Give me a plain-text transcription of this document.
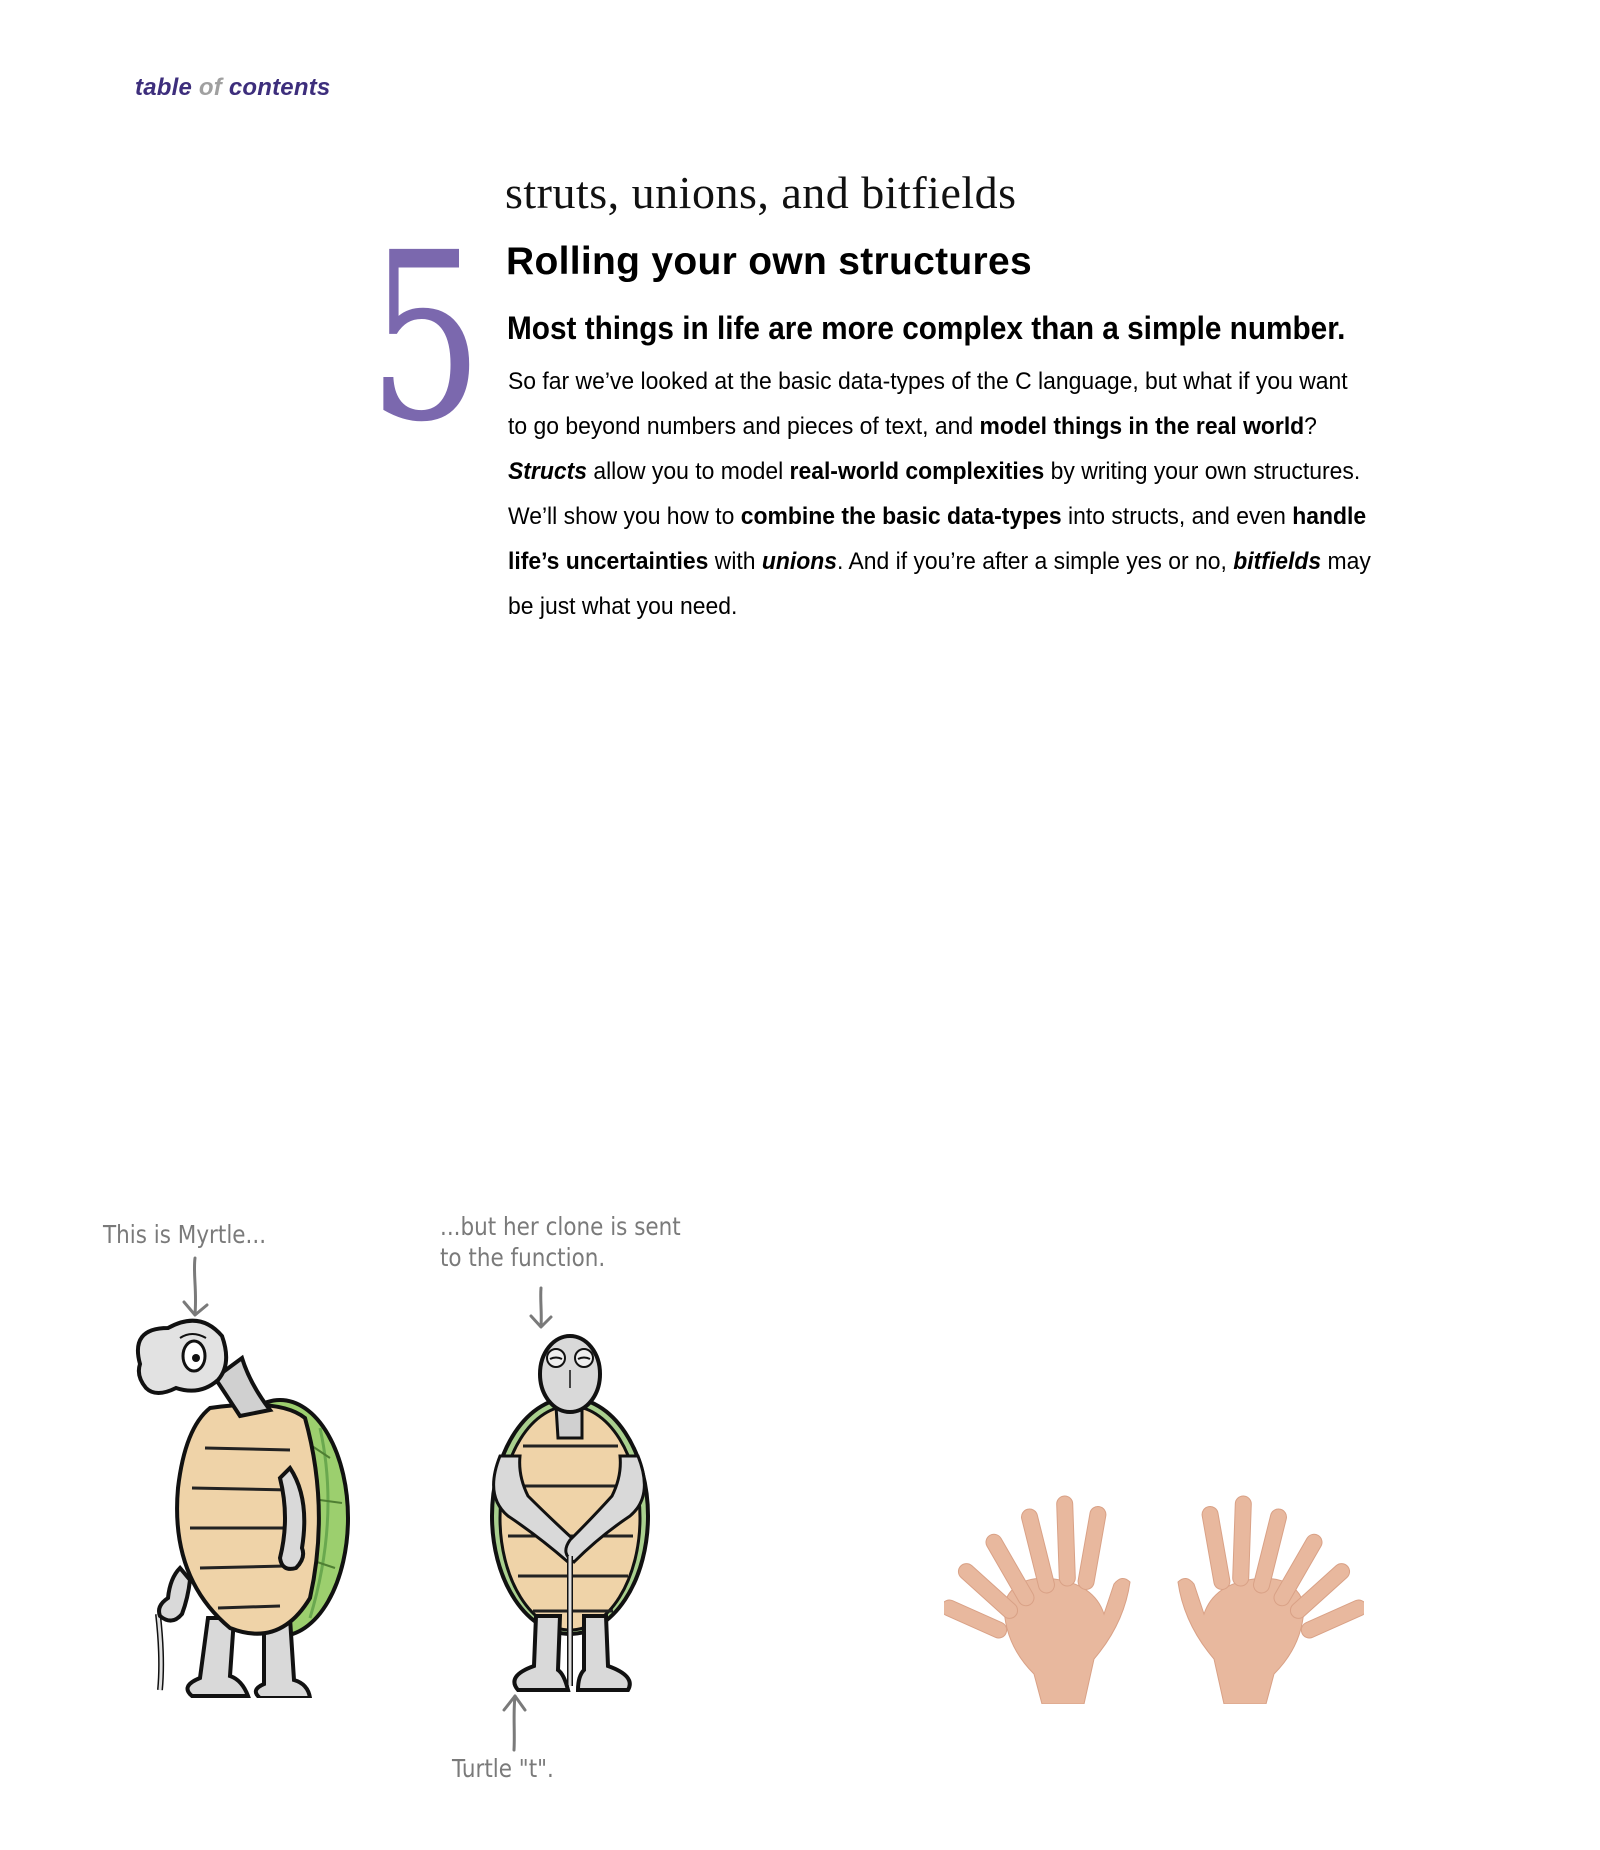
table of contents
5
struts, unions, and bitfields
Rolling your own structures
Most things in life are more complex than a simple number.
So far we’ve looked at the basic data-types of the C language, but what if you want
to go beyond numbers and pieces of text, and model things in the real world?
Structs allow you to model real-world complexities by writing your own structures.
We’ll show you how to combine the basic data-types into structs, and even handle
life’s uncertainties with unions. And if you’re after a simple yes or no, bitfields may
be just what you need.
This is Myrtle...	...but her clone is sent
to the function.
Turtle "t".
